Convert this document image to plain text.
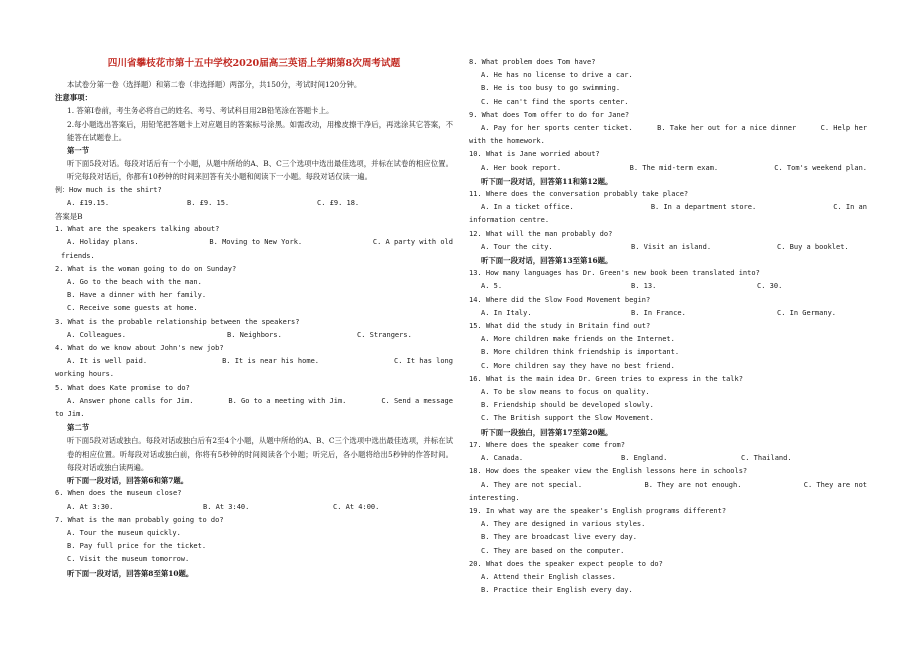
四川省攀枝花市第十五中学校2020届高三英语上学期第8次周考试题

本试卷分第一卷（选择题）和第二卷（非选择题）两部分，共150分，考试时间120分钟。

注意事项：

1. 答第Ⅰ卷前，考生务必将自己的姓名、考号、考试科目用2B铅笔涂在答题卡上。

2.每小题选出答案后，用铅笔把答题卡上对应题目的答案标号涂黑。如需改动，用橡皮擦干净后，再选涂其它答案，不能答在试题卷上。

第一节

听下面5段对话。每段对话后有一个小题，从题中所给的A、B、C三个选项中选出最佳选项，并标在试卷的相应位置。听完每段对话后，你都有10秒钟的时间来回答有关小题和阅读下一小题。每段对话仅读一遍。

例：How much is the shirt?

A. £19.15.	B. £9. 15.	C. £9. 18.

答案是B

1. What are the speakers talking about?

A. Holiday plans.	B. Moving to New York.	C. A party with old

friends.

2. What is the woman going to do on Sunday?

A. Go to the beach with the man.

B. Have a dinner with her family.

C. Receive some guests at home.

3. What is the probable relationship between the speakers?

A. Colleagues.	B. Neighbors.	C. Strangers.

4. What do we know about John's new job?

A. It is well paid.	B. It is near his home.	C. It has long

working hours.

5. What does Kate promise to do?

A. Answer phone calls for Jim.	B. Go to a meeting with Jim.	C. Send a message

to Jim.

第二节

听下面5段对话或独白。每段对话或独白后有2至4个小题，从题中所给的A、B、C三个选项中选出最佳选项，并标在试卷的相应位置。听每段对话或独白前，你将有5秒钟的时间阅读各个小题；听完后，各小题将给出5秒钟的作答时间。每段对话或独白读两遍。

听下面一段对话，回答第6和第7题。

6. When does the museum close?

A. At 3:30.	B. At 3:40.	C. At 4:00.

7. What is the man probably going to do?

A. Tour the museum quickly.

B. Pay full price for the ticket.

C. Visit the museum tomorrow.

听下面一段对话，回答第8至第10题。

8. What problem does Tom have?

A. He has no license to drive a car.

B. He is too busy to go swimming.

C. He can't find the sports center.

9. What does Tom offer to do for Jane?

A. Pay for her sports center ticket.	B. Take her out for a nice dinner	C. Help her

with the homework.

10. What is Jane worried about?

A. Her book report.	B. The mid-term exam.	C. Tom's weekend plan.

听下面一段对话，回答第11和第12题。

11. Where does the conversation probably take place?

A. In a ticket office.	B. In a department store.	C. In an

information centre.

12. What will the man probably do?

A. Tour the city.	B. Visit an island.	C. Buy a booklet.

听下面一段对话，回答第13至第16题。

13. How many languages has Dr. Green's new book been translated into?

A. 5.	B. 13.	C. 30.

14. Where did the Slow Food Movement begin?

A. In Italy.	B. In France.	C. In Germany.

15. What did the study in Britain find out?

A. More children make friends on the Internet.

B. More children think friendship is important.

C. More children say they have no best friend.

16. What is the main idea Dr. Green tries to express in the talk?

A. To be slow means to focus on quality.

B. Friendship should be developed slowly.

C. The British support the Slow Movement.

听下面一段独白，回答第17至第20题。

17. Where does the speaker come from?

A. Canada.	B. England.	C. Thailand.

18. How does the speaker view the English lessons here in schools?

A. They are not special.	B. They are not enough.	C. They are not

interesting.

19. In what way are the speaker's English programs different?

A. They are designed in various styles.

B. They are broadcast live every day.

C. They are based on the computer.

20. What does the speaker expect people to do?

A. Attend their English classes.

B. Practice their English every day.
